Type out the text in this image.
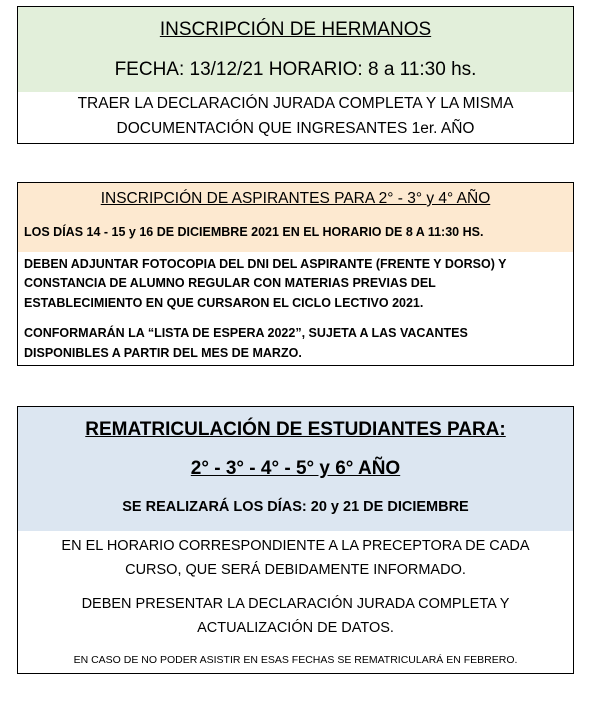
INSCRIPCIÓN DE HERMANOS
FECHA: 13/12/21 HORARIO: 8 a 11:30 hs.
TRAER LA DECLARACIÓN JURADA COMPLETA Y LA MISMA
DOCUMENTACIÓN QUE INGRESANTES 1er. AÑO
INSCRIPCIÓN DE ASPIRANTES PARA 2° - 3° y 4° AÑO
LOS DÍAS 14 - 15 y 16 DE DICIEMBRE 2021 EN EL HORARIO DE 8 A 11:30 HS.
DEBEN ADJUNTAR FOTOCOPIA DEL DNI DEL ASPIRANTE (FRENTE Y DORSO) Y
CONSTANCIA DE ALUMNO REGULAR CON MATERIAS PREVIAS DEL
ESTABLECIMIENTO EN QUE CURSARON EL CICLO LECTIVO 2021.
CONFORMARÁN LA “LISTA DE ESPERA 2022”, SUJETA A LAS VACANTES
DISPONIBLES A PARTIR DEL MES DE MARZO.
REMATRICULACIÓN DE ESTUDIANTES PARA:
2° - 3° - 4° - 5° y 6° AÑO
SE REALIZARÁ LOS DÍAS: 20 y 21 DE DICIEMBRE
EN EL HORARIO CORRESPONDIENTE A LA PRECEPTORA DE CADA
CURSO, QUE SERÁ DEBIDAMENTE INFORMADO.
DEBEN PRESENTAR LA DECLARACIÓN JURADA COMPLETA Y
ACTUALIZACIÓN DE DATOS.
EN CASO DE NO PODER ASISTIR EN ESAS FECHAS SE REMATRICULARÁ EN FEBRERO.
